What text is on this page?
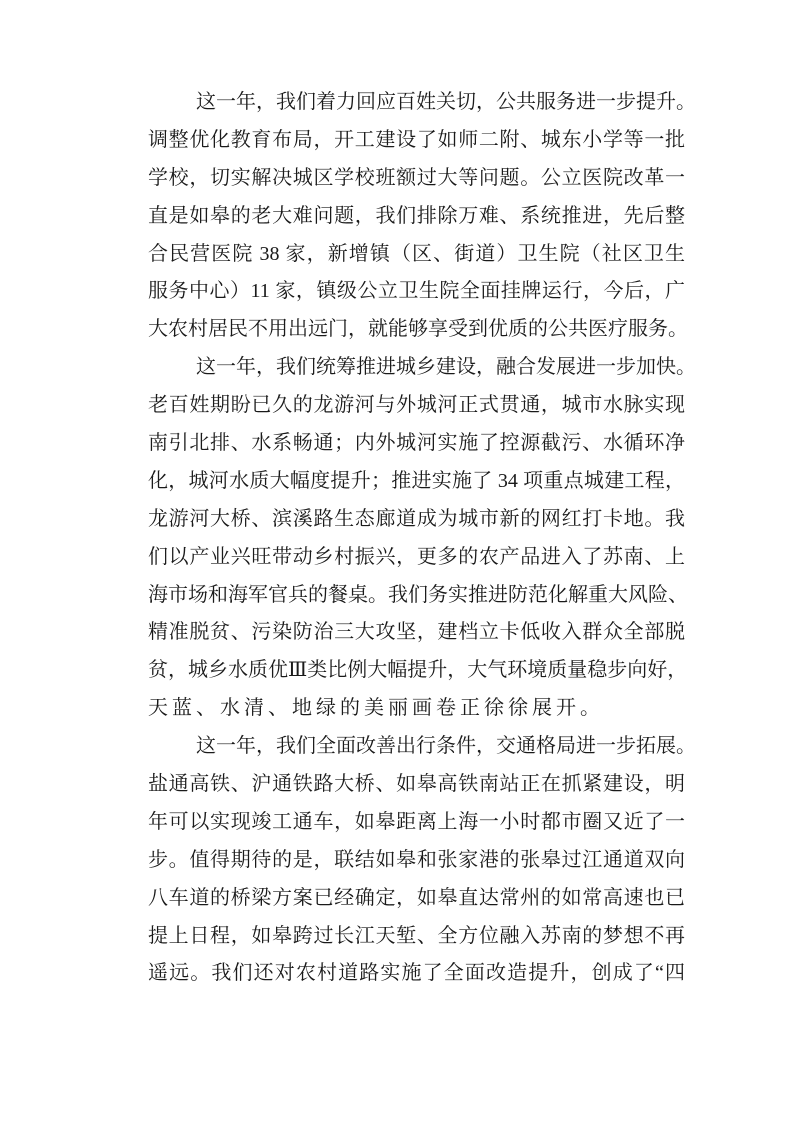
这一年，我们着力回应百姓关切，公共服务进一步提升。
调整优化教育布局，开工建设了如师二附、城东小学等一批
学校，切实解决城区学校班额过大等问题。公立医院改革一
直是如皋的老大难问题，我们排除万难、系统推进，先后整
合民营医院 38 家，新增镇（区、街道）卫生院（社区卫生
服务中心）11 家，镇级公立卫生院全面挂牌运行，今后，广
大农村居民不用出远门，就能够享受到优质的公共医疗服务。
这一年，我们统筹推进城乡建设，融合发展进一步加快。
老百姓期盼已久的龙游河与外城河正式贯通，城市水脉实现
南引北排、水系畅通；内外城河实施了控源截污、水循环净
化，城河水质大幅度提升；推进实施了 34 项重点城建工程，
龙游河大桥、滨溪路生态廊道成为城市新的网红打卡地。我
们以产业兴旺带动乡村振兴，更多的农产品进入了苏南、上
海市场和海军官兵的餐桌。我们务实推进防范化解重大风险、
精准脱贫、污染防治三大攻坚，建档立卡低收入群众全部脱
贫，城乡水质优Ⅲ类比例大幅提升，大气环境质量稳步向好，
天蓝、水清、地绿的美丽画卷正徐徐展开。
这一年，我们全面改善出行条件，交通格局进一步拓展。
盐通高铁、沪通铁路大桥、如皋高铁南站正在抓紧建设，明
年可以实现竣工通车，如皋距离上海一小时都市圈又近了一
步。值得期待的是，联结如皋和张家港的张皋过江通道双向
八车道的桥梁方案已经确定，如皋直达常州的如常高速也已
提上日程，如皋跨过长江天堑、全方位融入苏南的梦想不再
遥远。我们还对农村道路实施了全面改造提升，创成了“四
